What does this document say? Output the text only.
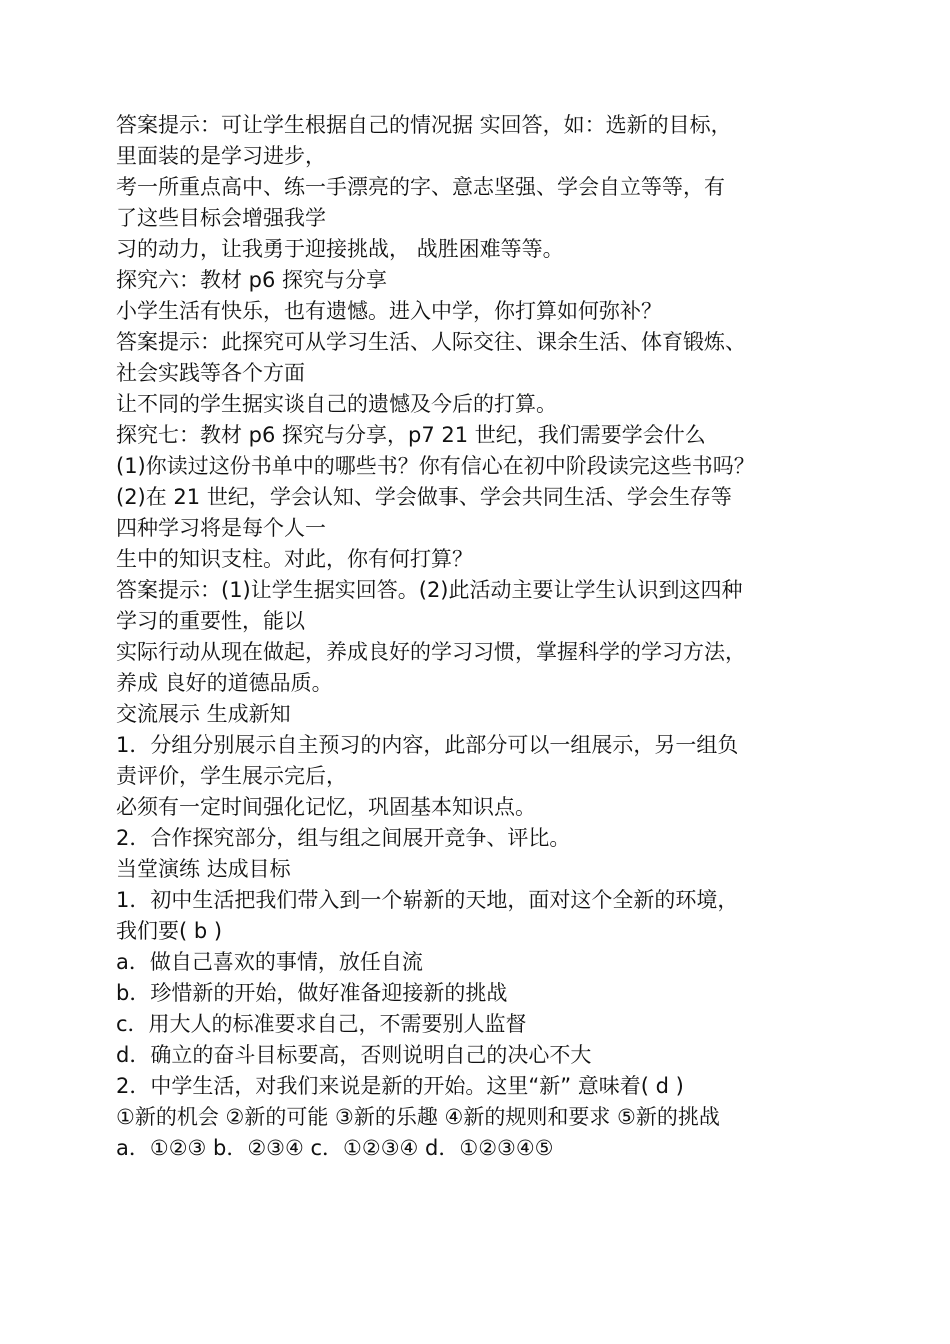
答案提示：可让学生根据自己的情况据 实回答，如：选新的目标，
里面装的是学习进步，
考一所重点高中、练一手漂亮的字、意志坚强、学会自立等等，有
了这些目标会增强我学
习的动力，让我勇于迎接挑战， 战胜困难等等。
探究六：教材 p6 探究与分享
小学生活有快乐，也有遗憾。进入中学，你打算如何弥补？
答案提示：此探究可从学习生活、人际交往、课余生活、体育锻炼、
社会实践等各个方面
让不同的学生据实谈自己的遗憾及今后的打算。
探究七：教材 p6 探究与分享，p7 21 世纪，我们需要学会什么
(1)你读过这份书单中的哪些书？你有信心在初中阶段读完这些书吗？
(2)在 21 世纪，学会认知、学会做事、学会共同生活、学会生存等
四种学习将是每个人一
生中的知识支柱。对此，你有何打算？
答案提示：(1)让学生据实回答。(2)此活动主要让学生认识到这四种
学习的重要性，能以
实际行动从现在做起，养成良好的学习习惯，掌握科学的学习方法，
养成 良好的道德品质。
交流展示 生成新知
1．分组分别展示自主预习的内容，此部分可以一组展示，另一组负
责评价，学生展示完后，
必须有一定时间强化记忆，巩固基本知识点。
2．合作探究部分，组与组之间展开竞争、评比。
当堂演练 达成目标
1．初中生活把我们带入到一个崭新的天地，面对这个全新的环境，
我们要( b )
a．做自己喜欢的事情，放任自流
b．珍惜新的开始，做好准备迎接新的挑战
c．用大人的标准要求自己，不需要别人监督
d．确立的奋斗目标要高，否则说明自己的决心不大
2．中学生活，对我们来说是新的开始。这里“新” 意味着( d )
①新的机会 ②新的可能 ③新的乐趣 ④新的规则和要求 ⑤新的挑战
a．①②③ b．②③④ c．①②③④ d．①②③④⑤
